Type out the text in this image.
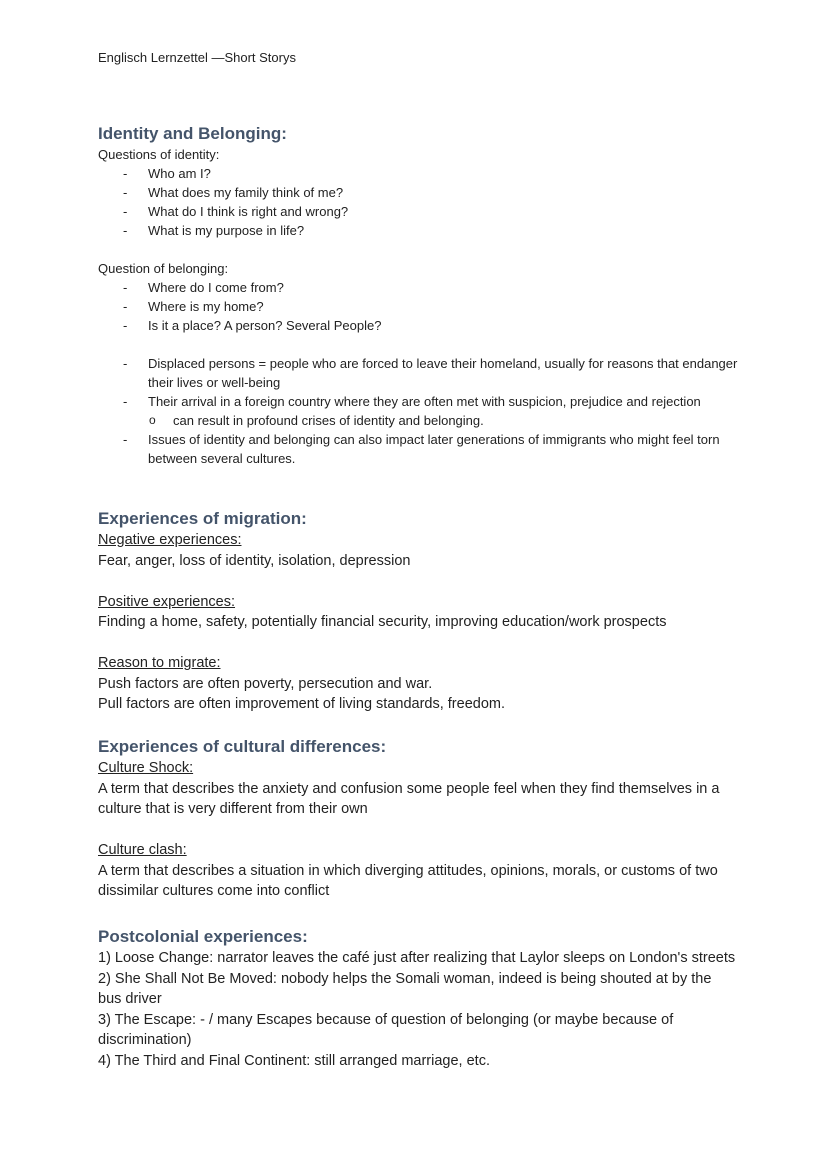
Englisch Lernzettel —Short Storys
Identity and Belonging:
Questions of identity:
- Who am I?
- What does my family think of me?
- What do I think is right and wrong?
- What is my purpose in life?
Question of belonging:
- Where do I come from?
- Where is my home?
- Is it a place? A person? Several People?
- Displaced persons = people who are forced to leave their homeland, usually for reasons that endanger their lives or well-being
- Their arrival in a foreign country where they are often met with suspicion, prejudice and rejection
o can result in profound crises of identity and belonging.
- Issues of identity and belonging can also impact later generations of immigrants who might feel torn between several cultures.
Experiences of migration:
Negative experiences:
Fear, anger, loss of identity, isolation, depression
Positive experiences:
Finding a home, safety, potentially financial security, improving education/work prospects
Reason to migrate:
Push factors are often poverty, persecution and war.
Pull factors are often improvement of living standards, freedom.
Experiences of cultural differences:
Culture Shock:
A term that describes the anxiety and confusion some people feel when they find themselves in a culture that is very different from their own
Culture clash:
A term that describes a situation in which diverging attitudes, opinions, morals, or customs of two dissimilar cultures come into conflict
Postcolonial experiences:
1) Loose Change: narrator leaves the café just after realizing that Laylor sleeps on London's streets
2) She Shall Not Be Moved: nobody helps the Somali woman, indeed is being shouted at by the bus driver
3) The Escape: - / many Escapes because of question of belonging (or maybe because of discrimination)
4) The Third and Final Continent: still arranged marriage, etc.
